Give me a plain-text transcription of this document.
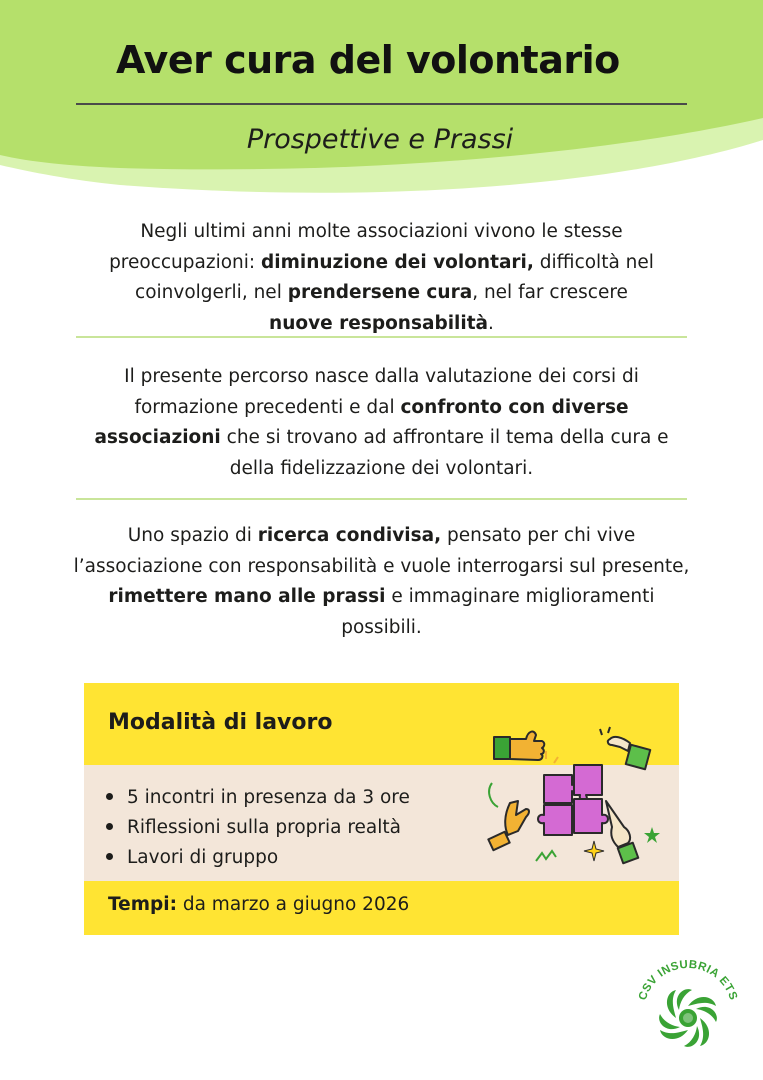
Aver cura del volontario
Prospettive e Prassi

Negli ultimi anni molte associazioni vivono le stesse preoccupazioni: diminuzione dei volontari, difficoltà nel coinvolgerli, nel prendersene cura, nel far crescere
nuove responsabilità.

Il presente percorso nasce dalla valutazione dei corsi di formazione precedenti e dal confronto con diverse associazioni che si trovano ad affrontare il tema della cura e della fidelizzazione dei volontari.

Uno spazio di ricerca condivisa, pensato per chi vive l’associazione con responsabilità e vuole interrogarsi sul presente, rimettere mano alle prassi e immaginare miglioramenti possibili.

Modalità di lavoro
5 incontri in presenza da 3 ore
Riflessioni sulla propria realtà
Lavori di gruppo

Tempi: da marzo a giugno 2026

CSV INSUBRIA ETS
